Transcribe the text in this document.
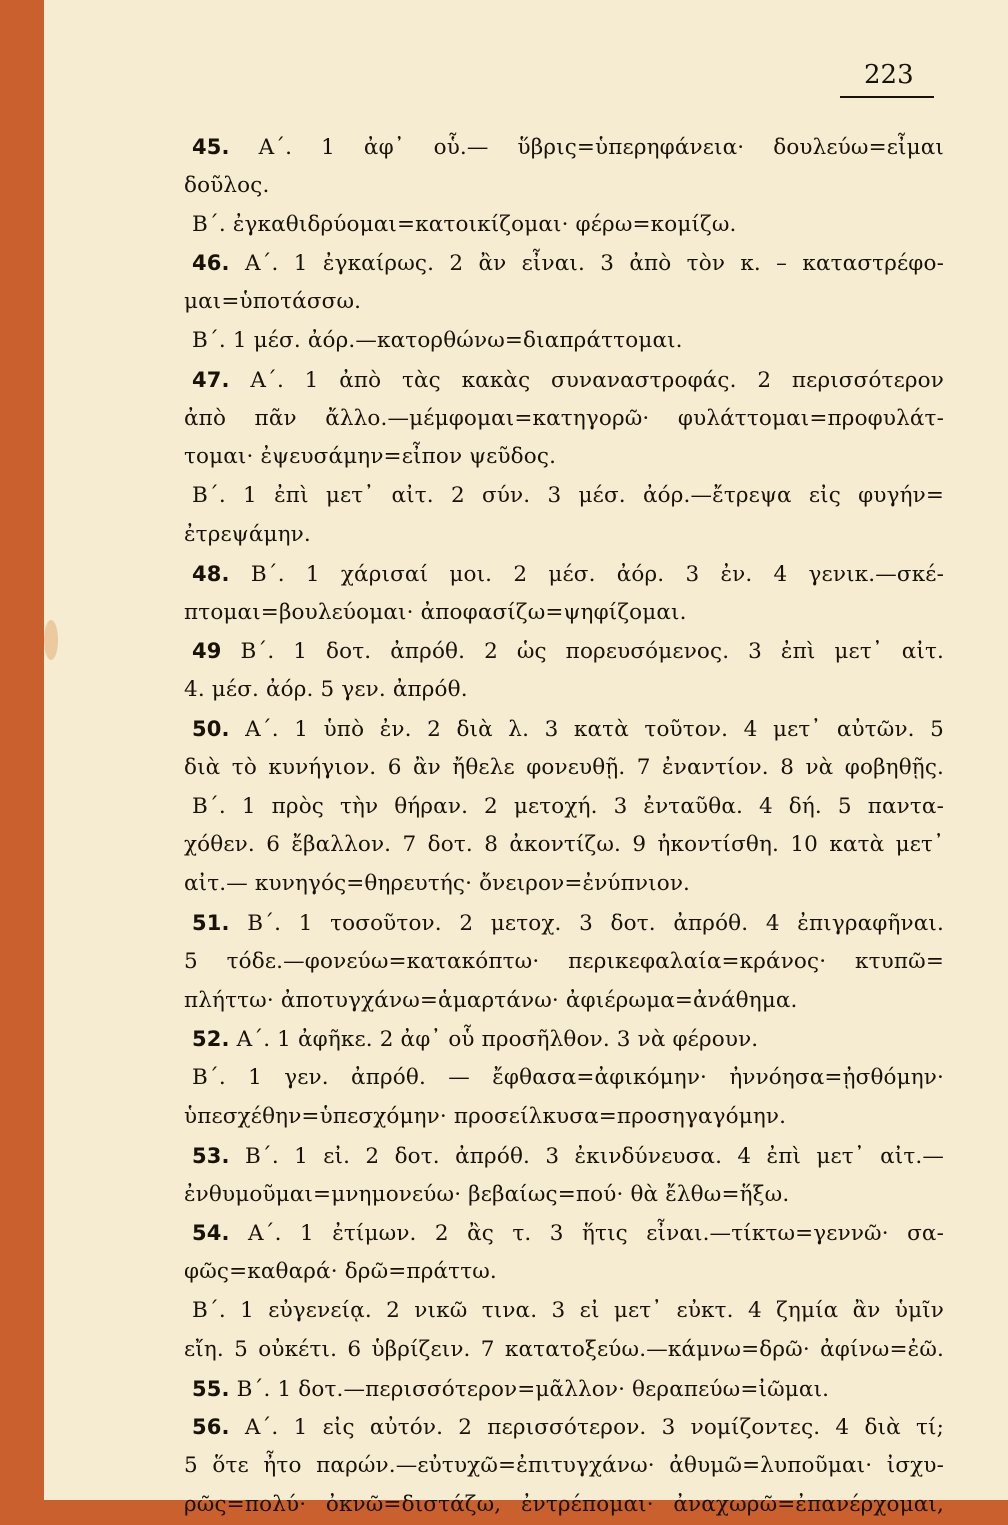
223
45. Α΄. 1 ἀφ᾽ οὗ.— ὕβρις=ὑπερηφάνεια· δουλεύω=εἶμαι
δοῦλος.
Β΄. ἐγκαθιδρύομαι=κατοικίζομαι· φέρω=κομίζω.
46. Α΄. 1 ἐγκαίρως. 2 ἂν εἶναι. 3 ἀπὸ τὸν κ. – καταστρέφο-
μαι=ὑποτάσσω.
Β΄. 1 μέσ. ἀόρ.—κατορθώνω=διαπράττομαι.
47. Α΄. 1 ἀπὸ τὰς κακὰς συναναστροφάς. 2 περισσότερον
ἀπὸ πᾶν ἄλλο.—μέμφομαι=κατηγορῶ· φυλάττομαι=προφυλάτ-
τομαι· ἐψευσάμην=εἶπον ψεῦδος.
Β΄. 1 ἐπὶ μετ᾽ αἰτ. 2 σύν. 3 μέσ. ἀόρ.—ἔτρεψα εἰς φυγήν=
ἐτρεψάμην.
48. Β΄. 1 χάρισαί μοι. 2 μέσ. ἀόρ. 3 ἐν. 4 γενικ.—σκέ-
πτομαι=βουλεύομαι· ἀποφασίζω=ψηφίζομαι.
49 Β΄. 1 δοτ. ἀπρόθ. 2 ὡς πορευσόμενος. 3 ἐπὶ μετ᾽ αἰτ.
4. μέσ. ἀόρ. 5 γεν. ἀπρόθ.
50. Α΄. 1 ὑπὸ ἐν. 2 διὰ λ. 3 κατὰ τοῦτον. 4 μετ᾽ αὐτῶν. 5
διὰ τὸ κυνήγιον. 6 ἂν ἤθελε φονευθῇ. 7 ἐναντίον. 8 νὰ φοβηθῇς.
Β΄. 1 πρὸς τὴν θήραν. 2 μετοχή. 3 ἐνταῦθα. 4 δή. 5 παντα-
χόθεν. 6 ἔβαλλον. 7 δοτ. 8 ἀκοντίζω. 9 ἠκοντίσθη. 10 κατὰ μετ᾽
αἰτ.— κυνηγός=θηρευτής· ὄνειρον=ἐνύπνιον.
51. Β΄. 1 τοσοῦτον. 2 μετοχ. 3 δοτ. ἀπρόθ. 4 ἐπιγραφῆναι.
5 τόδε.—φονεύω=κατακόπτω· περικεφαλαία=κράνος· κτυπῶ=
πλήττω· ἀποτυγχάνω=ἁμαρτάνω· ἀφιέρωμα=ἀνάθημα.
52. Α΄. 1 ἀφῆκε. 2 ἀφ᾽ οὗ προσῆλθον. 3 νὰ φέρουν.
Β΄. 1 γεν. ἀπρόθ. — ἔφθασα=ἀφικόμην· ἠννόησα=ᾐσθόμην·
ὑπεσχέθην=ὑπεσχόμην· προσείλκυσα=προσηγαγόμην.
53. Β΄. 1 εἰ. 2 δοτ. ἀπρόθ. 3 ἐκινδύνευσα. 4 ἐπὶ μετ᾽ αἰτ.—
ἐνθυμοῦμαι=μνημονεύω· βεβαίως=πού· θὰ ἔλθω=ἥξω.
54. Α΄. 1 ἐτίμων. 2 ἂς τ. 3 ἥτις εἶναι.—τίκτω=γεννῶ· σα-
φῶς=καθαρά· δρῶ=πράττω.
Β΄. 1 εὐγενείᾳ. 2 νικῶ τινα. 3 εἰ μετ᾽ εὐκτ. 4 ζημία ἂν ὑμῖν
εἴη. 5 οὐκέτι. 6 ὑβρίζειν. 7 κατατοξεύω.—κάμνω=δρῶ· ἀφίνω=ἐῶ.
55. Β΄. 1 δοτ.—περισσότερον=μᾶλλον· θεραπεύω=ἰῶμαι.
56. Α΄. 1 εἰς αὐτόν. 2 περισσότερον. 3 νομίζοντες. 4 διὰ τί;
5 ὅτε ἦτο παρών.—εὐτυχῶ=ἐπιτυγχάνω· ἀθυμῶ=λυποῦμαι· ἰσχυ-
ρῶς=πολύ· ὀκνῶ=διστάζω, ἐντρέπομαι· ἀναχωρῶ=ἐπανέρχομαι,
